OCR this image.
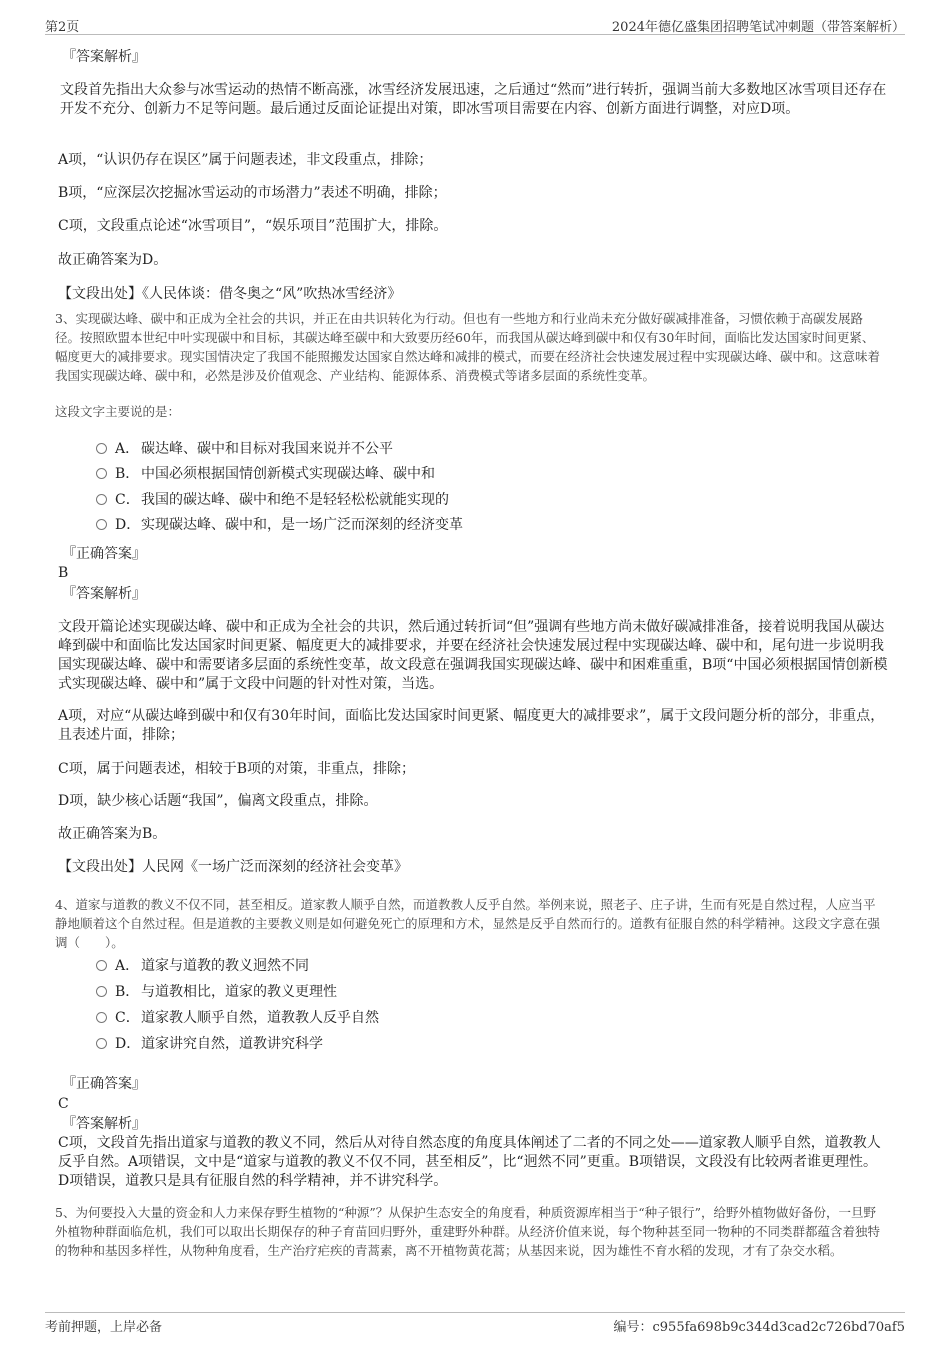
第2页	2024年德亿盛集团招聘笔试冲刺题（带答案解析）

『答案解析』

文段首先指出大众参与冰雪运动的热情不断高涨，冰雪经济发展迅速，之后通过“然而”进行转折，强调当前大多数地区冰雪项目还存在开发不充分、创新力不足等问题。最后通过反面论证提出对策，即冰雪项目需要在内容、创新方面进行调整，对应D项。

A项，“认识仍存在误区”属于问题表述，非文段重点，排除；

B项，“应深层次挖掘冰雪运动的市场潜力”表述不明确，排除；

C项，文段重点论述“冰雪项目”，“娱乐项目”范围扩大，排除。

故正确答案为D。

【文段出处】《人民体谈：借冬奥之“风”吹热冰雪经济》

3、实现碳达峰、碳中和正成为全社会的共识，并正在由共识转化为行动。但也有一些地方和行业尚未充分做好碳减排准备，习惯依赖于高碳发展路径。按照欧盟本世纪中叶实现碳中和目标，其碳达峰至碳中和大致要历经60年，而我国从碳达峰到碳中和仅有30年时间，面临比发达国家时间更紧、幅度更大的减排要求。现实国情决定了我国不能照搬发达国家自然达峰和减排的模式，而要在经济社会快速发展过程中实现碳达峰、碳中和。这意味着我国实现碳达峰、碳中和，必然是涉及价值观念、产业结构、能源体系、消费模式等诸多层面的系统性变革。

这段文字主要说的是：

A． 碳达峰、碳中和目标对我国来说并不公平
B． 中国必须根据国情创新模式实现碳达峰、碳中和
C．我国的碳达峰、碳中和绝不是轻轻松松就能实现的
D．实现碳达峰、碳中和，是一场广泛而深刻的经济变革

『正确答案』

B

『答案解析』

文段开篇论述实现碳达峰、碳中和正成为全社会的共识，然后通过转折词“但”强调有些地方尚未做好碳减排准备，接着说明我国从碳达峰到碳中和面临比发达国家时间更紧、幅度更大的减排要求，并要在经济社会快速发展过程中实现碳达峰、碳中和，尾句进一步说明我国实现碳达峰、碳中和需要诸多层面的系统性变革，故文段意在强调我国实现碳达峰、碳中和困难重重，B项“中国必须根据国情创新模式实现碳达峰、碳中和”属于文段中问题的针对性对策，当选。

A项，对应“从碳达峰到碳中和仅有30年时间，面临比发达国家时间更紧、幅度更大的减排要求”，属于文段问题分析的部分，非重点，且表述片面，排除；

C项，属于问题表述，相较于B项的对策，非重点，排除；

D项，缺少核心话题“我国”，偏离文段重点，排除。

故正确答案为B。

【文段出处】人民网《一场广泛而深刻的经济社会变革》

4、道家与道教的教义不仅不同，甚至相反。道家教人顺乎自然，而道教教人反乎自然。举例来说，照老子、庄子讲，生而有死是自然过程，人应当平静地顺着这个自然过程。但是道教的主要教义则是如何避免死亡的原理和方术，显然是反乎自然而行的。道教有征服自然的科学精神。这段文字意在强调（　　）。

A． 道家与道教的教义迥然不同
B． 与道教相比，道家的教义更理性
C．道家教人顺乎自然，道教教人反乎自然
D．道家讲究自然，道教讲究科学

『正确答案』

C

『答案解析』

C项，文段首先指出道家与道教的教义不同，然后从对待自然态度的角度具体阐述了二者的不同之处——道家教人顺乎自然，道教教人反乎自然。A项错误，文中是“道家与道教的教义不仅不同，甚至相反”，比“迥然不同”更重。B项错误，文段没有比较两者谁更理性。D项错误，道教只是具有征服自然的科学精神，并不讲究科学。

5、为何要投入大量的资金和人力来保存野生植物的“种源”？从保护生态安全的角度看，种质资源库相当于“种子银行”，给野外植物做好备份，一旦野外植物种群面临危机，我们可以取出长期保存的种子育苗回归野外，重建野外种群。从经济价值来说，每个物种甚至同一物种的不同类群都蕴含着独特的物种和基因多样性，从物种角度看，生产治疗疟疾的青蒿素，离不开植物黄花蒿；从基因来说，因为雄性不育水稻的发现，才有了杂交水稻。

考前押题，上岸必备	编号：c955fa698b9c344d3cad2c726bd70af5
